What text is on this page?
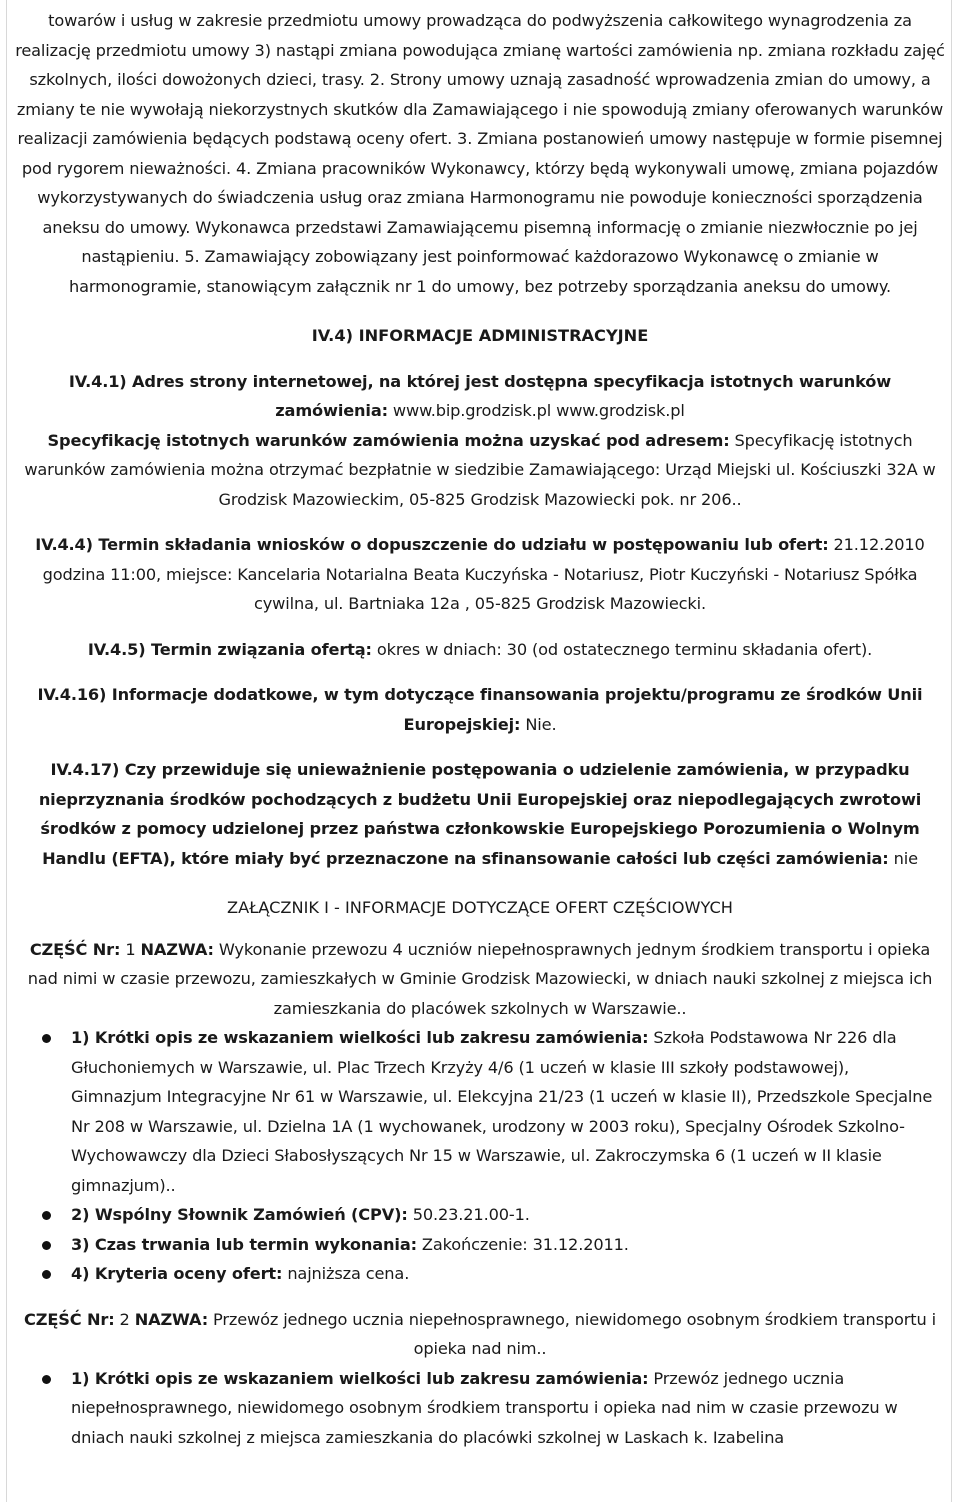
towarów i usług w zakresie przedmiotu umowy prowadząca do podwyższenia całkowitego wynagrodzenia za realizację przedmiotu umowy 3) nastąpi zmiana powodująca zmianę wartości zamówienia np. zmiana rozkładu zajęć szkolnych, ilości dowożonych dzieci, trasy. 2. Strony umowy uznają zasadność wprowadzenia zmian do umowy, a zmiany te nie wywołają niekorzystnych skutków dla Zamawiającego i nie spowodują zmiany oferowanych warunków realizacji zamówienia będących podstawą oceny ofert. 3. Zmiana postanowień umowy następuje w formie pisemnej pod rygorem nieważności. 4. Zmiana pracowników Wykonawcy, którzy będą wykonywali umowę, zmiana pojazdów wykorzystywanych do świadczenia usług oraz zmiana Harmonogramu nie powoduje konieczności sporządzenia aneksu do umowy. Wykonawca przedstawi Zamawiającemu pisemną informację o zmianie niezwłocznie po jej nastąpieniu. 5. Zamawiający zobowiązany jest poinformować każdorazowo Wykonawcę o zmianie w harmonogramie, stanowiącym załącznik nr 1 do umowy, bez potrzeby sporządzania aneksu do umowy.

IV.4) INFORMACJE ADMINISTRACYJNE

IV.4.1) Adres strony internetowej, na której jest dostępna specyfikacja istotnych warunków zamówienia: www.bip.grodzisk.pl www.grodzisk.pl

Specyfikację istotnych warunków zamówienia można uzyskać pod adresem: Specyfikację istotnych warunków zamówienia można otrzymać bezpłatnie w siedzibie Zamawiającego: Urząd Miejski ul. Kościuszki 32A w Grodzisk Mazowieckim, 05-825 Grodzisk Mazowiecki pok. nr 206..

IV.4.4) Termin składania wniosków o dopuszczenie do udziału w postępowaniu lub ofert: 21.12.2010 godzina 11:00, miejsce: Kancelaria Notarialna Beata Kuczyńska - Notariusz, Piotr Kuczyński - Notariusz Spółka cywilna, ul. Bartniaka 12a , 05-825 Grodzisk Mazowiecki.

IV.4.5) Termin związania ofertą: okres w dniach: 30 (od ostatecznego terminu składania ofert).

IV.4.16) Informacje dodatkowe, w tym dotyczące finansowania projektu/programu ze środków Unii Europejskiej: Nie.

IV.4.17) Czy przewiduje się unieważnienie postępowania o udzielenie zamówienia, w przypadku nieprzyznania środków pochodzących z budżetu Unii Europejskiej oraz niepodlegających zwrotowi środków z pomocy udzielonej przez państwa członkowskie Europejskiego Porozumienia o Wolnym Handlu (EFTA), które miały być przeznaczone na sfinansowanie całości lub części zamówienia: nie

ZAŁĄCZNIK I - INFORMACJE DOTYCZĄCE OFERT CZĘŚCIOWYCH

CZĘŚĆ Nr: 1 NAZWA: Wykonanie przewozu 4 uczniów niepełnosprawnych jednym środkiem transportu i opieka nad nimi w czasie przewozu, zamieszkałych w Gminie Grodzisk Mazowiecki, w dniach nauki szkolnej z miejsca ich zamieszkania do placówek szkolnych w Warszawie..

1) Krótki opis ze wskazaniem wielkości lub zakresu zamówienia: Szkoła Podstawowa Nr 226 dla Głuchoniemych w Warszawie, ul. Plac Trzech Krzyży 4/6 (1 uczeń w klasie III szkoły podstawowej), Gimnazjum Integracyjne Nr 61 w Warszawie, ul. Elekcyjna 21/23 (1 uczeń w klasie II), Przedszkole Specjalne Nr 208 w Warszawie, ul. Dzielna 1A (1 wychowanek, urodzony w 2003 roku), Specjalny Ośrodek Szkolno-Wychowawczy dla Dzieci Słabosłyszących Nr 15 w Warszawie, ul. Zakroczymska 6 (1 uczeń w II klasie gimnazjum)..
2) Wspólny Słownik Zamówień (CPV): 50.23.21.00-1.
3) Czas trwania lub termin wykonania: Zakończenie: 31.12.2011.
4) Kryteria oceny ofert: najniższa cena.

CZĘŚĆ Nr: 2 NAZWA: Przewóz jednego ucznia niepełnosprawnego, niewidomego osobnym środkiem transportu i opieka nad nim..

1) Krótki opis ze wskazaniem wielkości lub zakresu zamówienia: Przewóz jednego ucznia niepełnosprawnego, niewidomego osobnym środkiem transportu i opieka nad nim w czasie przewozu w dniach nauki szkolnej z miejsca zamieszkania do placówki szkolnej w Laskach k. Izabelina
